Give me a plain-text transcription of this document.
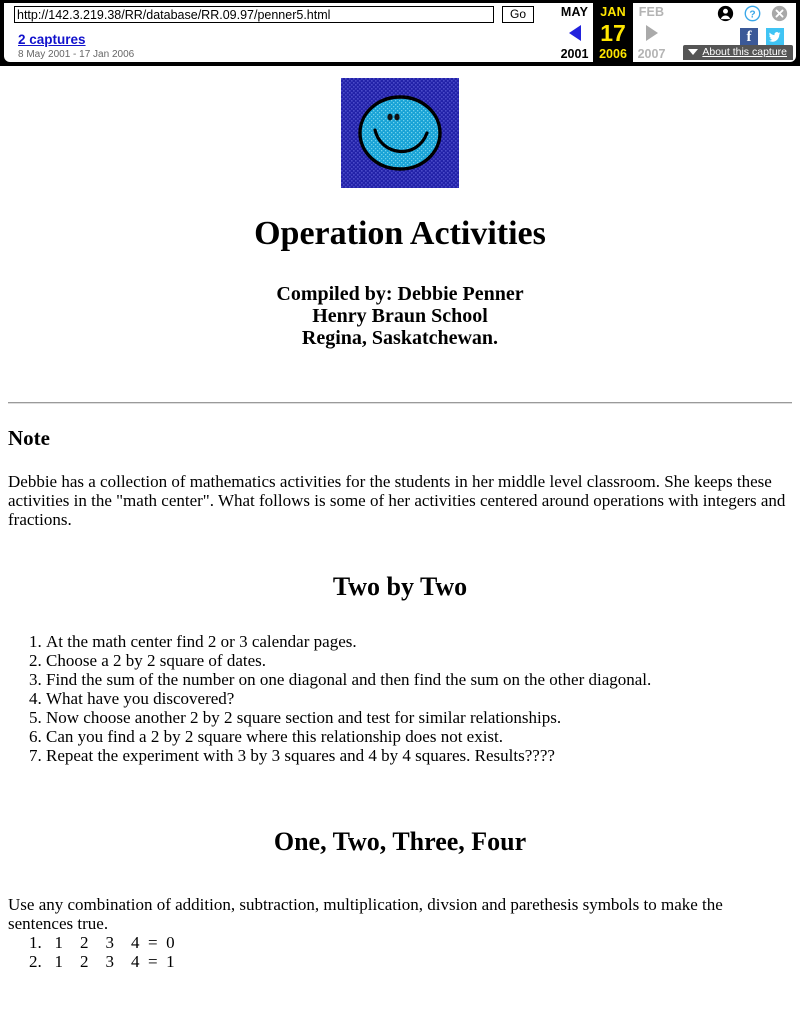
http://142.3.219.38/RR/database/RR.09.97/penner5.html
Go
2 captures
8 May 2001 - 17 Jan 2006
MAY
2001
JAN
17
2006
FEB
2007
?
f
About this capture
Operation Activities
Compiled by: Debbie Penner
Henry Braun School
Regina, Saskatchewan.
Note

Debbie has a collection of mathematics activities for the students in her middle level classroom. She keeps these activities in the "math center". What follows is some of her activities centered around operations with integers and fractions.

Two by Two
1. At the math center find 2 or 3 calendar pages.
2. Choose a 2 by 2 square of dates.
3. Find the sum of the number on one diagonal and then find the sum on the other diagonal.
4. What have you discovered?
5. Now choose another 2 by 2 square section and test for similar relationships.
6. Can you find a 2 by 2 square where this relationship does not exist.
7. Repeat the experiment with 3 by 3 squares and 4 by 4 squares. Results????
One, Two, Three, Four

Use any combination of addition, subtraction, multiplication, divsion and parethesis symbols to make the sentences true.

1.   1    2    3    4  =  0
2.   1    2    3    4  =  1
